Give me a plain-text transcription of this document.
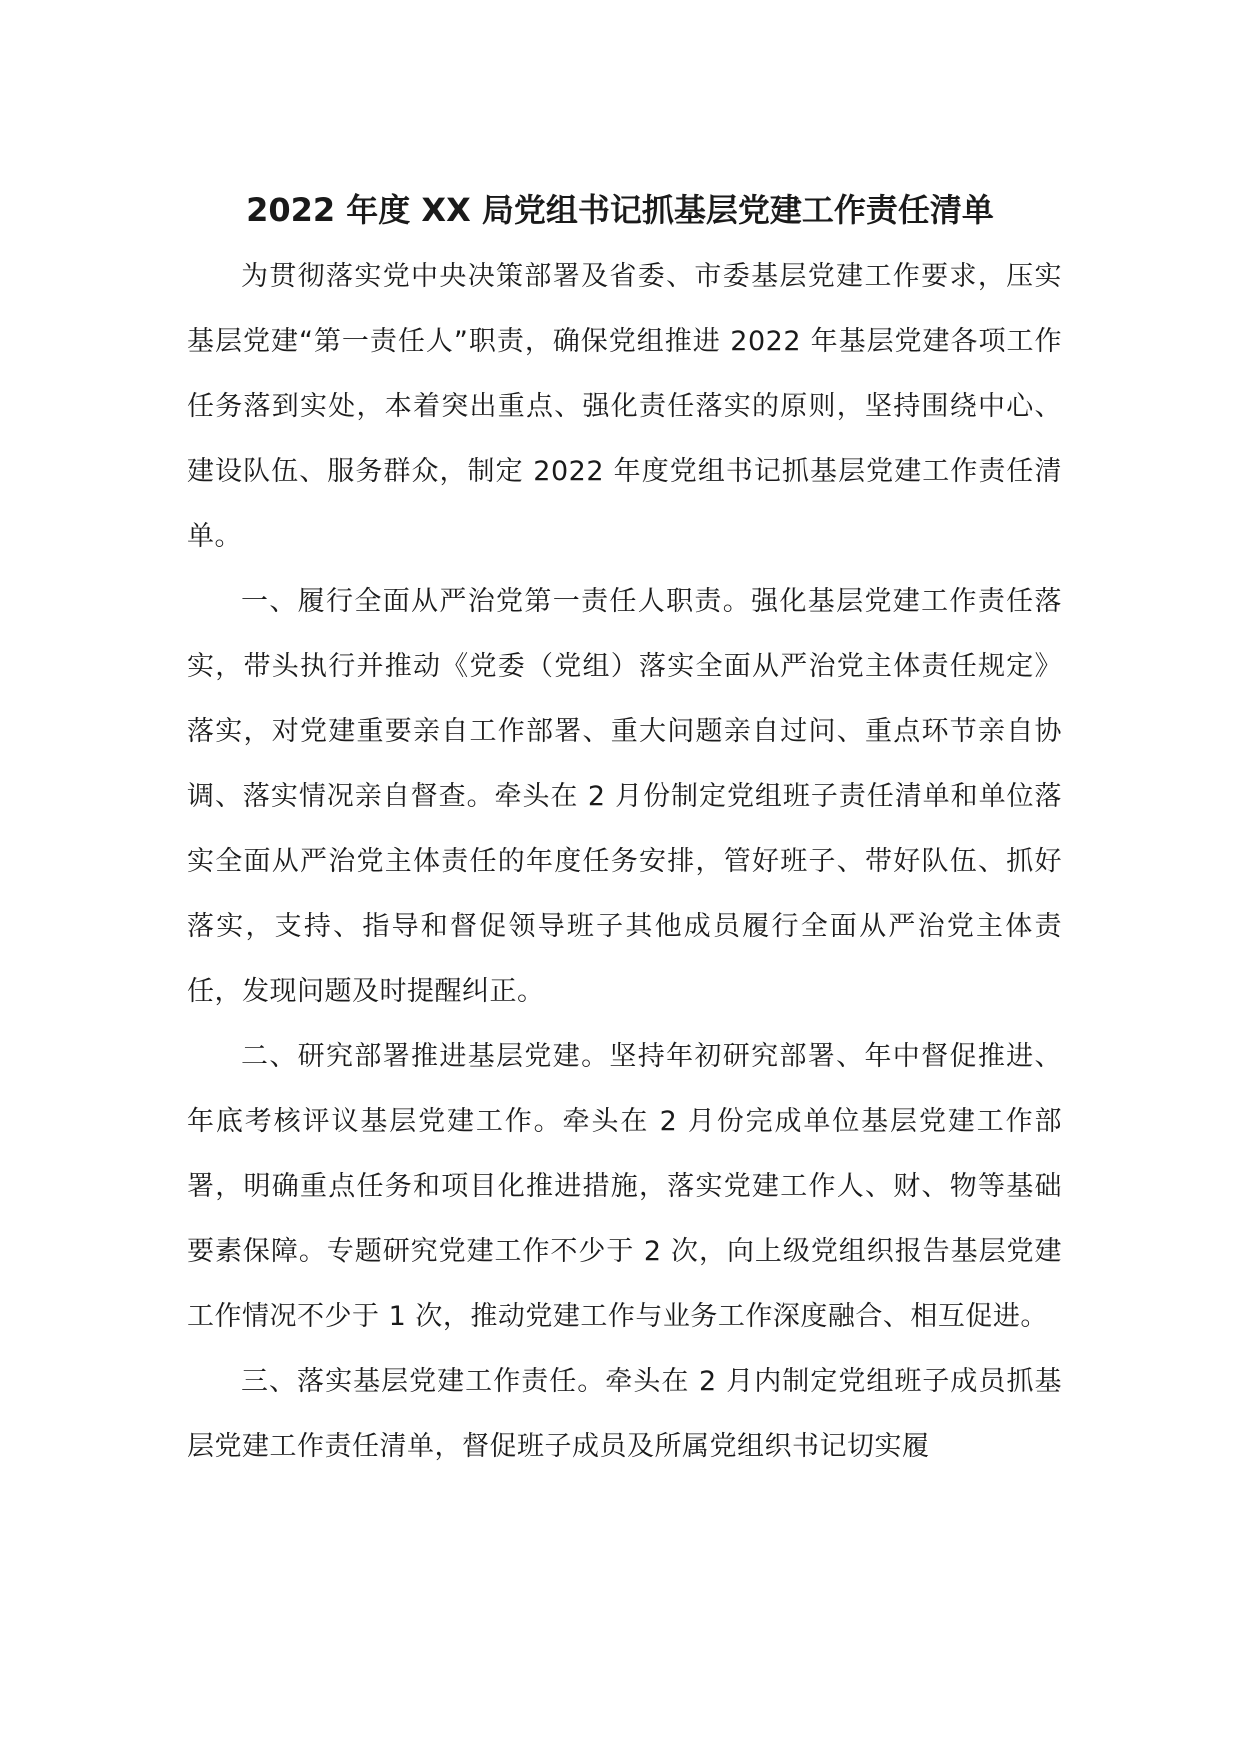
2022 年度 XX 局党组书记抓基层党建工作责任清单

为贯彻落实党中央决策部署及省委、市委基层党建工作要求，压实基层党建“第一责任人”职责，确保党组推进 2022 年基层党建各项工作任务落到实处，本着突出重点、强化责任落实的原则，坚持围绕中心、建设队伍、服务群众，制定 2022 年度党组书记抓基层党建工作责任清单。

一、履行全面从严治党第一责任人职责。强化基层党建工作责任落实，带头执行并推动《党委（党组）落实全面从严治党主体责任规定》落实，对党建重要亲自工作部署、重大问题亲自过问、重点环节亲自协调、落实情况亲自督查。牵头在 2 月份制定党组班子责任清单和单位落实全面从严治党主体责任的年度任务安排，管好班子、带好队伍、抓好落实，支持、指导和督促领导班子其他成员履行全面从严治党主体责任，发现问题及时提醒纠正。

二、研究部署推进基层党建。坚持年初研究部署、年中督促推进、年底考核评议基层党建工作。牵头在 2 月份完成单位基层党建工作部署，明确重点任务和项目化推进措施，落实党建工作人、财、物等基础要素保障。专题研究党建工作不少于 2 次，向上级党组织报告基层党建工作情况不少于 1 次，推动党建工作与业务工作深度融合、相互促进。

三、落实基层党建工作责任。牵头在 2 月内制定党组班子成员抓基层党建工作责任清单，督促班子成员及所属党组织书记切实履
